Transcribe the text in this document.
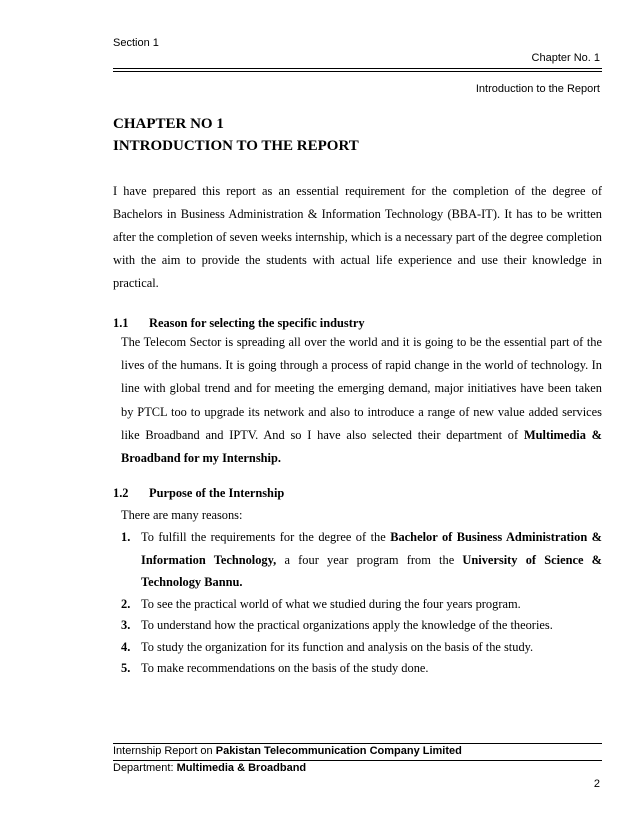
Section 1
Chapter No. 1
Introduction to the Report
CHAPTER NO 1
INTRODUCTION TO THE REPORT
I have prepared this report as an essential requirement for the completion of the degree of Bachelors in Business Administration & Information Technology (BBA-IT). It has to be written after the completion of seven weeks internship, which is a necessary part of the degree completion with the aim to provide the students with actual life experience and use their knowledge in practical.
1.1 Reason for selecting the specific industry
The Telecom Sector is spreading all over the world and it is going to be the essential part of the lives of the humans. It is going through a process of rapid change in the world of technology. In line with global trend and for meeting the emerging demand, major initiatives have been taken by PTCL too to upgrade its network and also to introduce a range of new value added services like Broadband and IPTV. And so I have also selected their department of Multimedia & Broadband for my Internship.
1.2 Purpose of the Internship
There are many reasons:
1. To fulfill the requirements for the degree of the Bachelor of Business Administration & Information Technology, a four year program from the University of Science & Technology Bannu.
2. To see the practical world of what we studied during the four years program.
3. To understand how the practical organizations apply the knowledge of the theories.
4. To study the organization for its function and analysis on the basis of the study.
5. To make recommendations on the basis of the study done.
Internship Report on Pakistan Telecommunication Company Limited
Department: Multimedia & Broadband
2
